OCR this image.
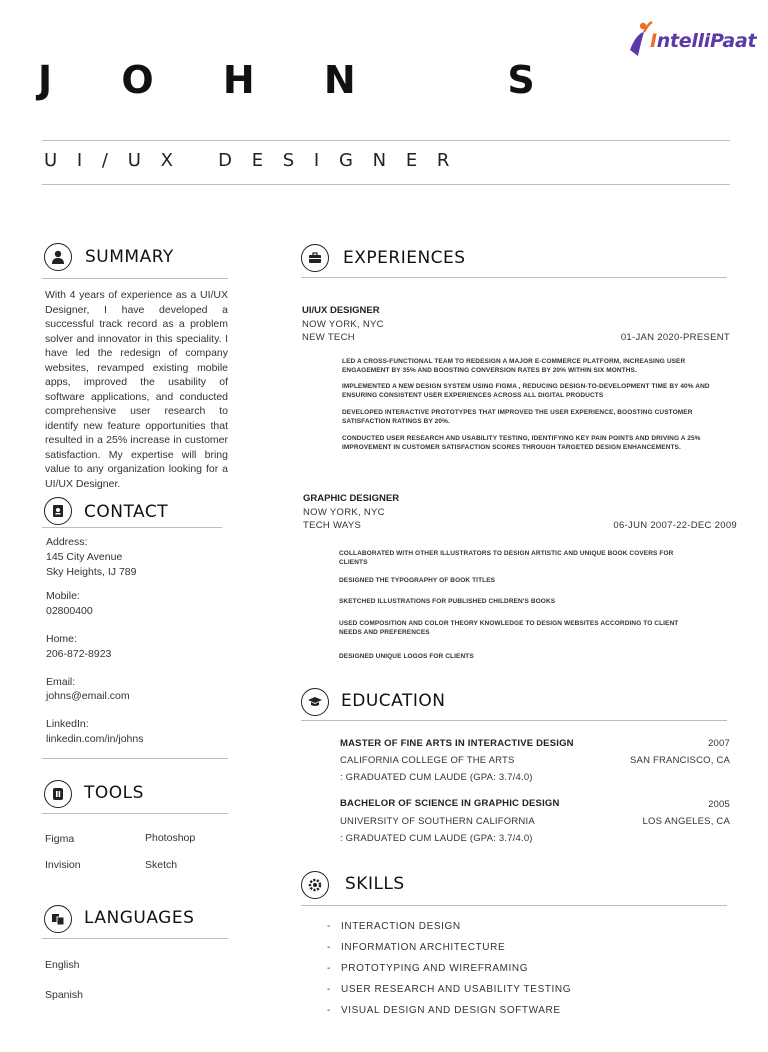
IntelliPaat
J O H N   S
U I / U X   D E S I G N E R
SUMMARY
With 4 years of experience as a UI/UX Designer, I have developed a successful track record as a problem solver and innovator in this speciality. I have led the redesign of company websites, revamped existing mobile apps, improved the usability of software applications, and conducted comprehensive user research to identify new feature opportunities that resulted in a 25% increase in customer satisfaction. My expertise will bring value to any organization looking for a UI/UX Designer.
CONTACT
Address:
145 City Avenue
Sky Heights, IJ 789
Mobile:
02800400
Home:
206-872-8923
Email:
johns@email.com
LinkedIn:
linkedin.com/in/johns
TOOLS
Figma	Photoshop
Invision	Sketch
LANGUAGES
English
Spanish
EXPERIENCES
UI/UX DESIGNER
NOW YORK, NYC
NEW TECH	01-JAN 2020-PRESENT
LED A CROSS-FUNCTIONAL TEAM TO REDESIGN A MAJOR E-COMMERCE PLATFORM, INCREASING USER ENGAGEMENT BY 35% AND BOOSTING CONVERSION RATES BY 20% WITHIN SIX MONTHS.
IMPLEMENTED A NEW DESIGN SYSTEM USING FIGMA , REDUCING DESIGN-TO-DEVELOPMENT TIME BY 40% AND ENSURING CONSISTENT USER EXPERIENCES ACROSS ALL DIGITAL PRODUCTS
DEVELOPED INTERACTIVE PROTOTYPES THAT IMPROVED THE USER EXPERIENCE, BOOSTING CUSTOMER SATISFACTION RATINGS BY 20%.
CONDUCTED USER RESEARCH AND USABILITY TESTING, IDENTIFYING KEY PAIN POINTS AND DRIVING A 25% IMPROVEMENT IN CUSTOMER SATISFACTION SCORES THROUGH TARGETED DESIGN ENHANCEMENTS.
GRAPHIC DESIGNER
NOW YORK, NYC
TECH WAYS	06-JUN 2007-22-DEC 2009
COLLABORATED WITH OTHER ILLUSTRATORS TO DESIGN ARTISTIC AND UNIQUE BOOK COVERS FOR CLIENTS
DESIGNED THE TYPOGRAPHY OF BOOK TITLES
SKETCHED ILLUSTRATIONS FOR PUBLISHED CHILDREN'S BOOKS
USED COMPOSITION AND COLOR THEORY KNOWLEDGE TO DESIGN WEBSITES ACCORDING TO CLIENT NEEDS AND PREFERENCES
DESIGNED UNIQUE LOGOS FOR CLIENTS
EDUCATION
MASTER OF FINE ARTS IN INTERACTIVE DESIGN	2007
CALIFORNIA COLLEGE OF THE ARTS	SAN FRANCISCO, CA
: GRADUATED CUM LAUDE (GPA: 3.7/4.0)
BACHELOR OF SCIENCE IN GRAPHIC DESIGN	2005
UNIVERSITY OF SOUTHERN CALIFORNIA	LOS ANGELES, CA
: GRADUATED CUM LAUDE (GPA: 3.7/4.0)
SKILLS
- INTERACTION DESIGN
- INFORMATION ARCHITECTURE
- PROTOTYPING AND WIREFRAMING
- USER RESEARCH AND USABILITY TESTING
- VISUAL DESIGN AND DESIGN SOFTWARE
